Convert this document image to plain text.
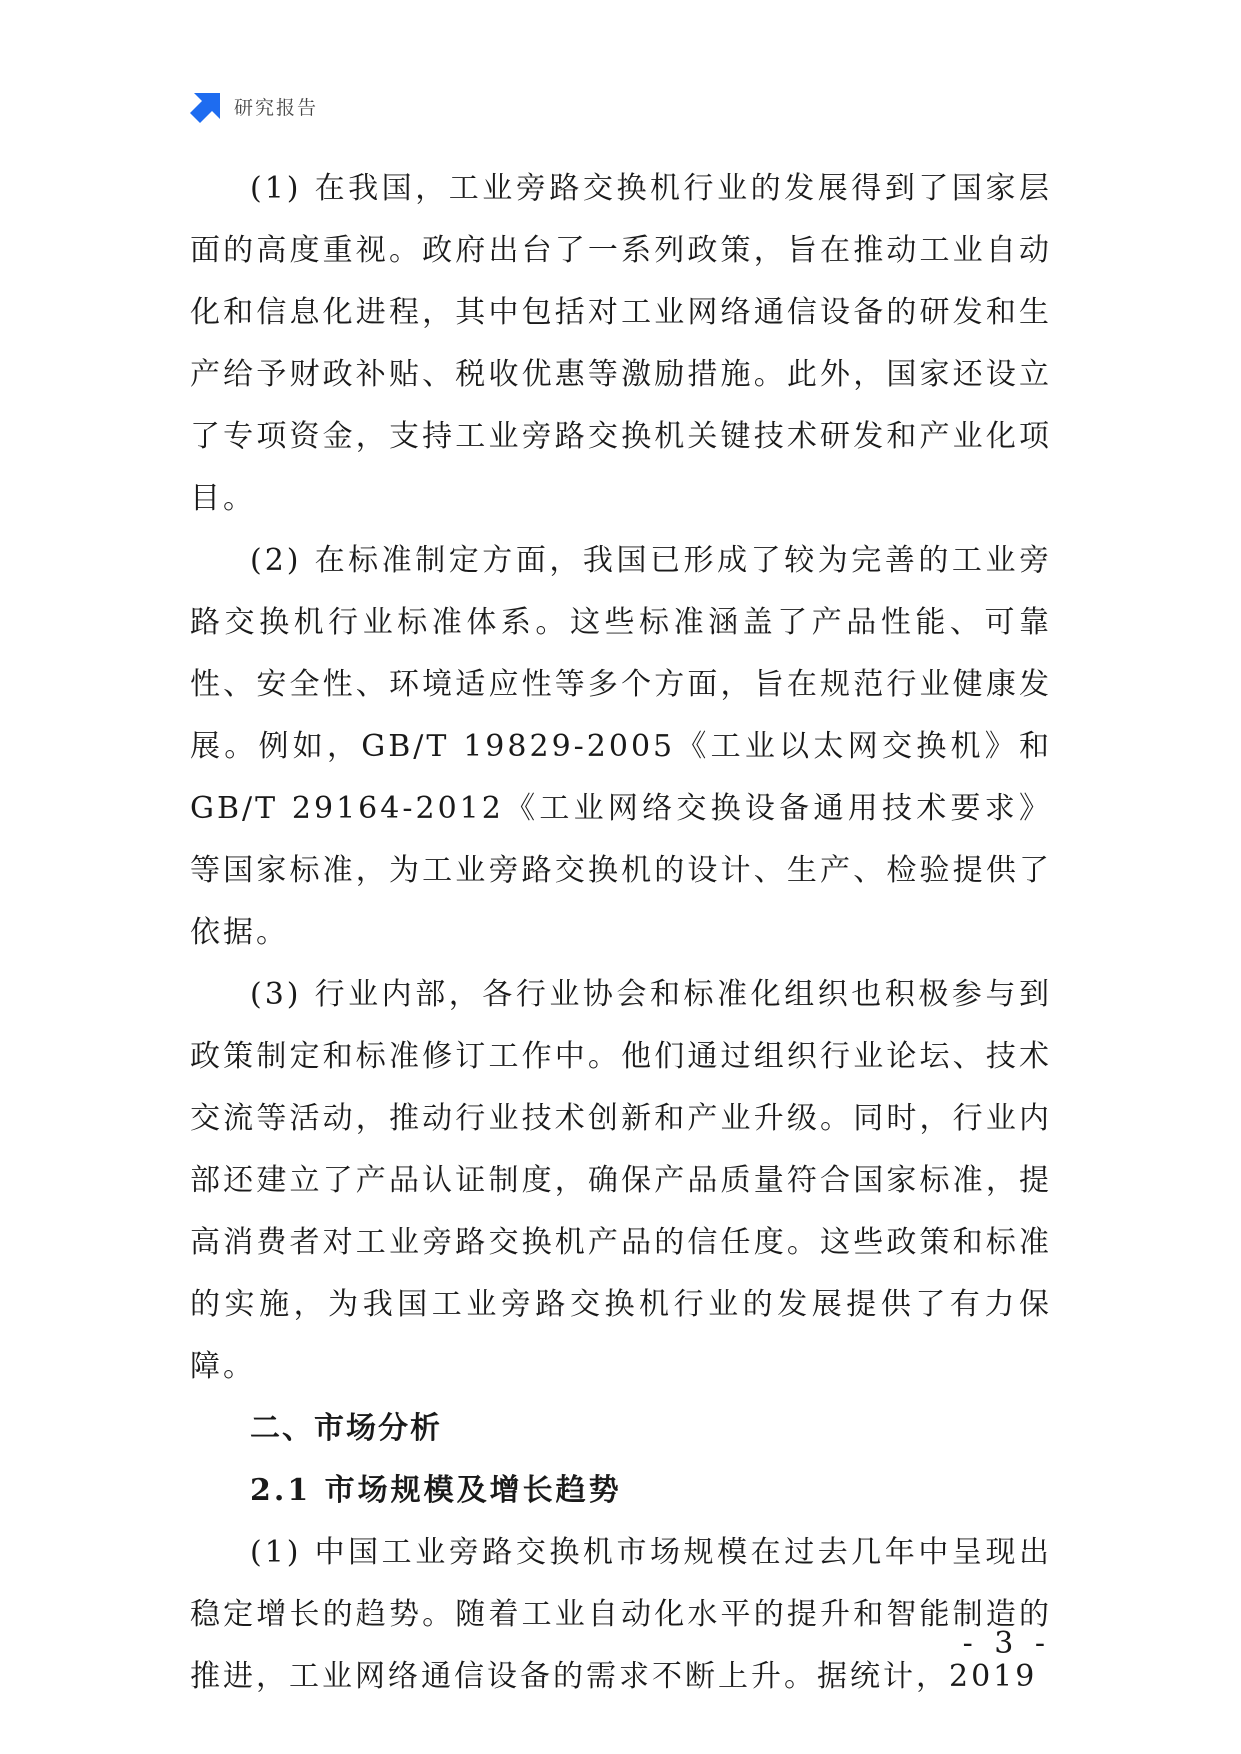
研究报告

(1) 在我国，工业旁路交换机行业的发展得到了国家层面的高度重视。政府出台了一系列政策，旨在推动工业自动化和信息化进程，其中包括对工业网络通信设备的研发和生产给予财政补贴、税收优惠等激励措施。此外，国家还设立了专项资金，支持工业旁路交换机关键技术研发和产业化项目。

(2) 在标准制定方面，我国已形成了较为完善的工业旁路交换机行业标准体系。这些标准涵盖了产品性能、可靠性、安全性、环境适应性等多个方面，旨在规范行业健康发展。例如，GB/T 19829-2005《工业以太网交换机》和GB/T 29164-2012《工业网络交换设备通用技术要求》等国家标准，为工业旁路交换机的设计、生产、检验提供了依据。

(3) 行业内部，各行业协会和标准化组织也积极参与到政策制定和标准修订工作中。他们通过组织行业论坛、技术交流等活动，推动行业技术创新和产业升级。同时，行业内部还建立了产品认证制度，确保产品质量符合国家标准，提高消费者对工业旁路交换机产品的信任度。这些政策和标准的实施，为我国工业旁路交换机行业的发展提供了有力保障。

二、市场分析
2.1 市场规模及增长趋势

(1) 中国工业旁路交换机市场规模在过去几年中呈现出稳定增长的趋势。随着工业自动化水平的提升和智能制造的推进，工业网络通信设备的需求不断上升。据统计，2019

- 3 -
